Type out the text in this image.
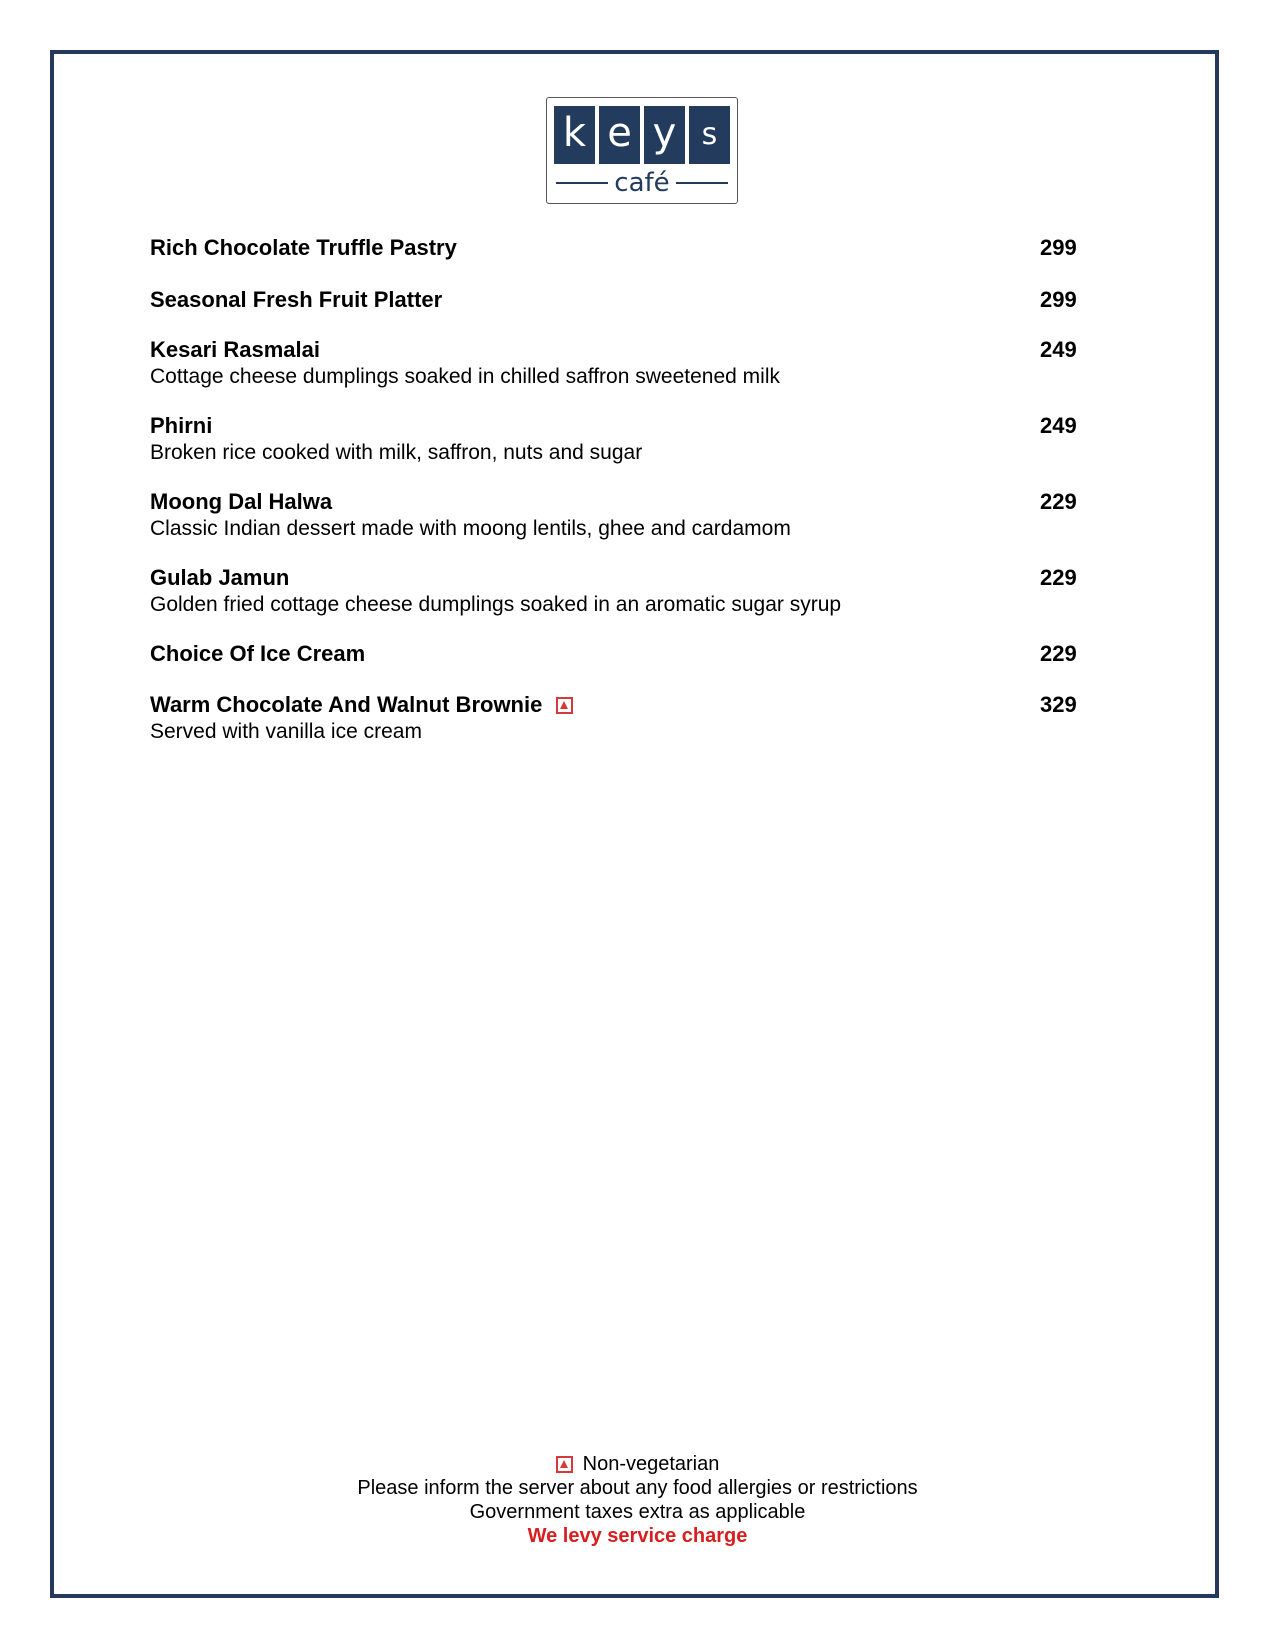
k e y s
café
Rich Chocolate Truffle Pastry	299
Seasonal Fresh Fruit Platter	299
Kesari Rasmalai	249
Cottage cheese dumplings soaked in chilled saffron sweetened milk
Phirni	249
Broken rice cooked with milk, saffron, nuts and sugar
Moong Dal Halwa	229
Classic Indian dessert made with moong lentils, ghee and cardamom
Gulab Jamun	229
Golden fried cottage cheese dumplings soaked in an aromatic sugar syrup
Choice Of Ice Cream	229
Warm Chocolate And Walnut Brownie	329
Served with vanilla ice cream
Non-vegetarian
Please inform the server about any food allergies or restrictions
Government taxes extra as applicable
We levy service charge
